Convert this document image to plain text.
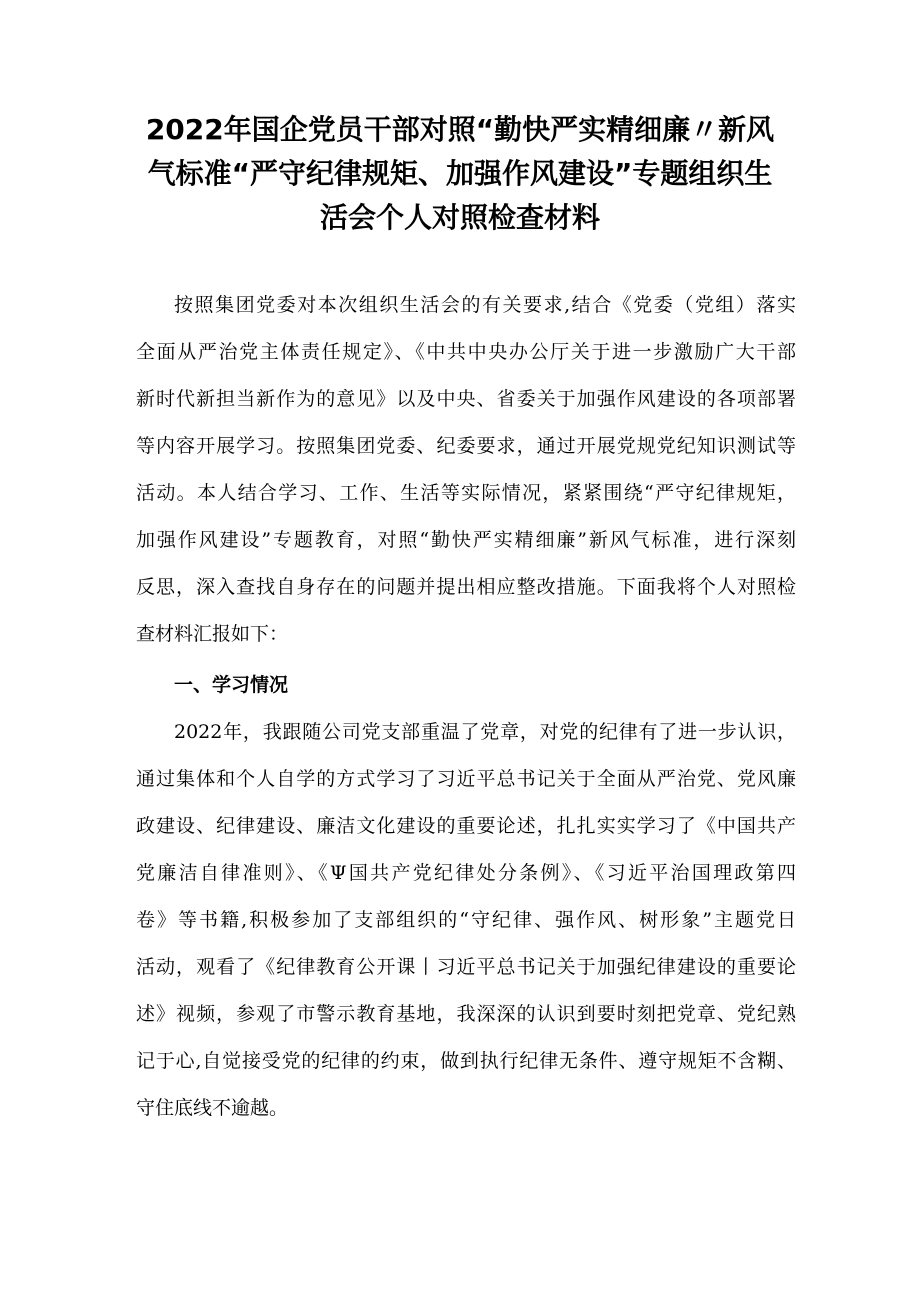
2022年国企党员干部对照“勤快严实精细廉〃新风
气标准“严守纪律规矩、加强作风建设”专题组织生
活会个人对照检查材料

按照集团党委对本次组织生活会的有关要求,结合《党委（党组）落实
全面从严治党主体责任规定》、《中共中央办公厅关于进一步激励广大干部
新时代新担当新作为的意见》以及中央、省委关于加强作风建设的各项部署
等内容开展学习。按照集团党委、纪委要求，通过开展党规党纪知识测试等
活动。本人结合学习、工作、生活等实际情况，紧紧围绕“严守纪律规矩，
加强作风建设”专题教育，对照“勤快严实精细廉”新风气标准，进行深刻
反思，深入查找自身存在的问题并提出相应整改措施。下面我将个人对照检
查材料汇报如下：

一、学习情况

2022年，我跟随公司党支部重温了党章，对党的纪律有了进一步认识，
通过集体和个人自学的方式学习了习近平总书记关于全面从严治党、党风廉
政建设、纪律建设、廉洁文化建设的重要论述，扎扎实实学习了《中国共产
党廉洁自律准则》、《Ψ国共产党纪律处分条例》、《习近平治国理政第四
卷》等书籍,积极参加了支部组织的“守纪律、强作风、树形象”主题党日
活动，观看了《纪律教育公开课丨习近平总书记关于加强纪律建设的重要论
述》视频，参观了市警示教育基地，我深深的认识到要时刻把党章、党纪熟
记于心,自觉接受党的纪律的约束，做到执行纪律无条件、遵守规矩不含糊、
守住底线不逾越。
